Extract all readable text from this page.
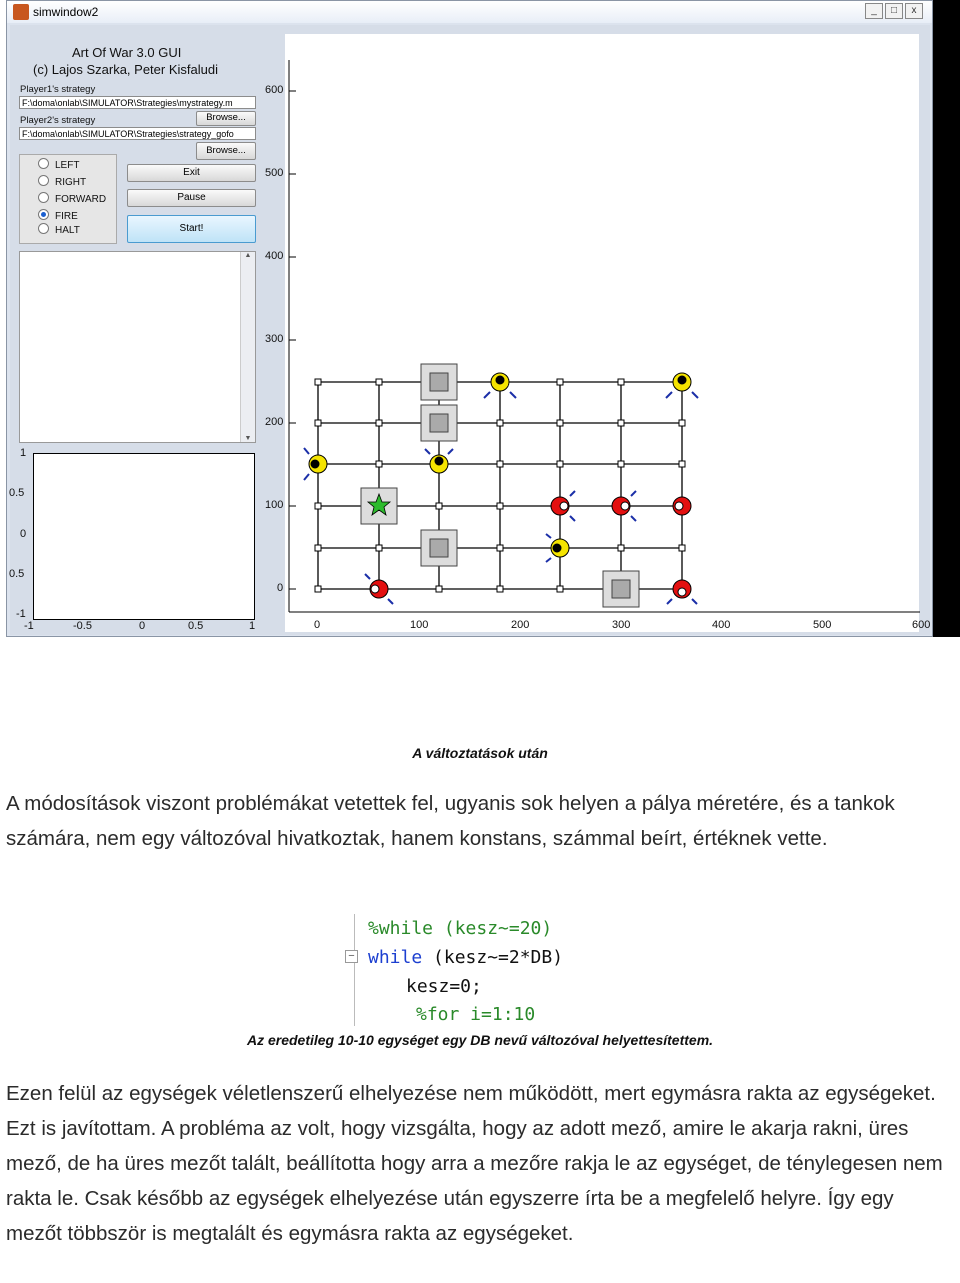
simwindow2	_	□	x
Art Of War 3.0 GUI
(c) Lajos Szarka, Peter Kisfaludi
Player1's strategy
F:\doma\onlab\SIMULATOR\Strategies\mystrategy.m
Browse...
Player2's strategy
F:\doma\onlab\SIMULATOR\Strategies\strategy_gofo
Browse...
LEFT
RIGHT
FORWARD
FIRE
HALT
Exit
Pause
Start!
▲
▼
1
0.5
0
0.5
-1
-1	-0.5	0	0.5	1
600
500
400
300
200
100
0
0	100	200	300	400	500	600
A változtatások után
A módosítások viszont problémákat vetettek fel, ugyanis sok helyen a pálya méretére, és a tankok számára, nem egy változóval hivatkoztak, hanem konstans, számmal beírt, értéknek vette.
−
%while (kesz~=20)
while (kesz~=2*DB)
kesz=0;
%for i=1:10
Az eredetileg 10-10 egységet egy DB nevű változóval helyettesítettem.
Ezen felül az egységek véletlenszerű elhelyezése nem működött, mert egymásra rakta az egységeket. Ezt is javítottam. A probléma az volt, hogy vizsgálta, hogy az adott mező, amire le akarja rakni, üres mező, de ha üres mezőt talált, beállította hogy arra a mezőre rakja le az egységet, de ténylegesen nem rakta le. Csak később az egységek elhelyezése után egyszerre írta be a megfelelő helyre. Így egy mezőt többször is megtalált és egymásra rakta az egységeket.
